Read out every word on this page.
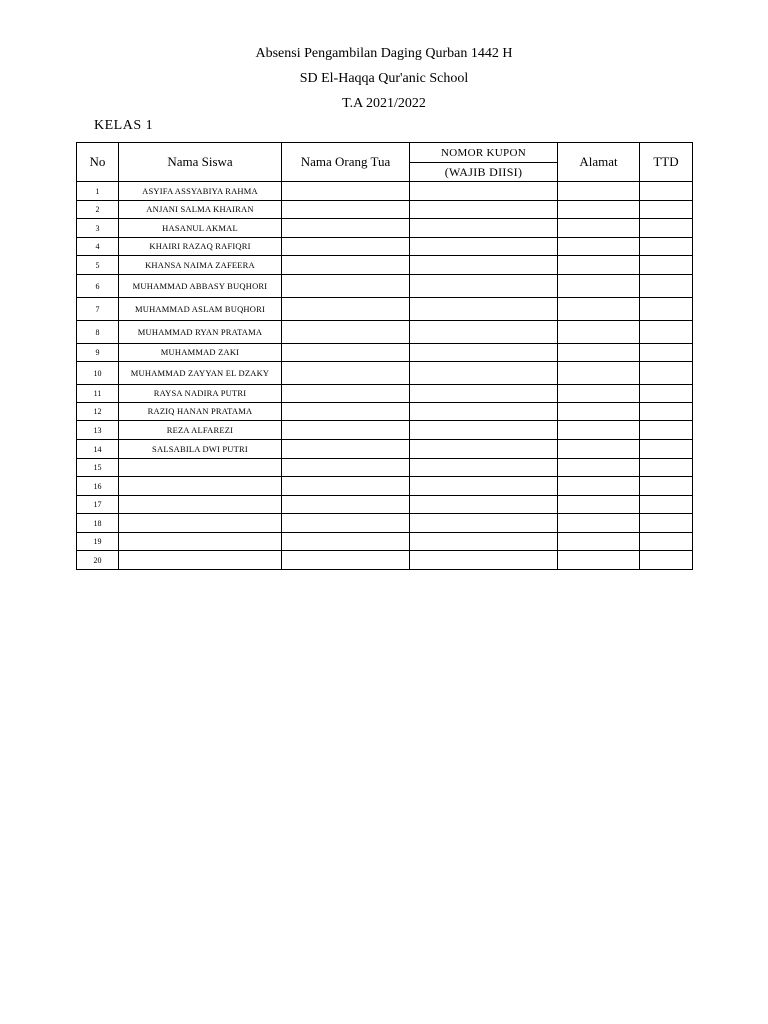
Absensi Pengambilan Daging Qurban 1442 H
SD El-Haqqa Qur'anic School
T.A 2021/2022
KELAS 1
No	Nama Siswa	Nama Orang Tua	NOMOR KUPON	Alamat	TTD
			(WAJIB DIISI)		
1	ASYIFA ASSYABIYA RAHMA				
2	ANJANI SALMA KHAIRAN				
3	HASANUL AKMAL				
4	KHAIRI RAZAQ RAFIQRI				
5	KHANSA NAIMA ZAFEERA				
6	MUHAMMAD ABBASY BUQHORI				
7	MUHAMMAD ASLAM BUQHORI				
8	MUHAMMAD RYAN PRATAMA				
9	MUHAMMAD ZAKI				
10	MUHAMMAD ZAYYAN EL DZAKY				
11	RAYSA NADIRA PUTRI				
12	RAZIQ HANAN PRATAMA				
13	REZA ALFAREZI				
14	SALSABILA DWI PUTRI				
15					
16					
17					
18					
19					
20					
